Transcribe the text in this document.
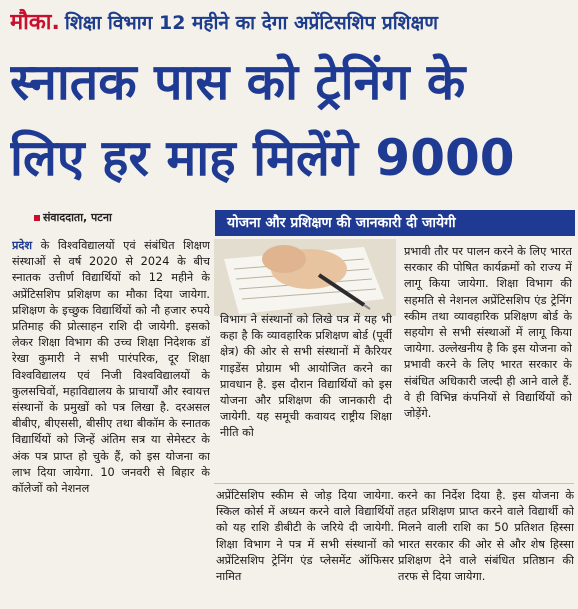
मौका. शिक्षा विभाग 12 महीने का देगा अप्रेंटिसशिप प्रशिक्षण
स्नातक पास को ट्रेनिंग के
लिए हर माह मिलेंगे 9000
संवाददाता, पटना	योजना और प्रशिक्षण की जानकारी दी जायेगी

प्रदेश के विश्वविद्यालयों एवं संबंधित शिक्षण संस्थाओं से वर्ष 2020 से 2024 के बीच स्नातक उत्तीर्ण विद्यार्थियों को 12 महीने के अप्रेंटिसशिप प्रशिक्षण का मौका दिया जायेगा. प्रशिक्षण के इच्छुक विद्यार्थियों को नौ हजार रुपये प्रतिमाह की प्रोत्साहन राशि दी जायेगी. इसको लेकर शिक्षा विभाग की उच्च शिक्षा निदेशक डॉ रेखा कुमारी ने सभी पारंपरिक, दूर शिक्षा विश्वविद्यालय एवं निजी विश्वविद्यालयों के कुलसचिवों, महाविद्यालय के प्राचार्यों और स्वायत्त संस्थानों के प्रमुखों को पत्र लिखा है. दरअसल बीबीए, बीएससी, बीसीए तथा बीकॉम के स्नातक विद्यार्थियों को जिन्हें अंतिम सत्र या सेमेस्टर के अंक पत्र प्राप्त हो चुके हैं, को इस योजना का लाभ दिया जायेगा. 10 जनवरी से बिहार के कॉलेजों को नेशनल

विभाग ने संस्थानों को लिखे पत्र में यह भी कहा है कि व्यावहारिक प्रशिक्षण बोर्ड (पूर्वी क्षेत्र) की ओर से सभी संस्थानों में कैरियर गाइडेंस प्रोग्राम भी आयोजित करने का प्रावधान है. इस दौरान विद्यार्थियों को इस योजना और प्रशिक्षण की जानकारी दी जायेगी. यह समूची कवायद राष्ट्रीय शिक्षा नीति को

प्रभावी तौर पर पालन करने के लिए भारत सरकार की पोषित कार्यक्रमों को राज्य में लागू किया जायेगा. शिक्षा विभाग की सहमति से नेशनल अप्रेंटिसशिप एंड ट्रेनिंग स्कीम तथा व्यावहारिक प्रशिक्षण बोर्ड के सहयोग से सभी संस्थाओं में लागू किया जायेगा. उल्लेखनीय है कि इस योजना को प्रभावी करने के लिए भारत सरकार के संबंधित अधिकारी जल्दी ही आने वाले हैं. वे ही विभिन्न कंपनियों से विद्यार्थियों को जोड़ेंगे.

अप्रेंटिसशिप स्कीम से जोड़ दिया जायेगा. स्किल कोर्स में अध्यन करने वाले विद्यार्थियों को यह राशि डीबीटी के जरिये दी जायेगी. शिक्षा विभाग ने पत्र में सभी संस्थानों को अप्रेंटिसशिप ट्रेनिंग एंड प्लेसमेंट ऑफिसर नामित

करने का निर्देश दिया है. इस योजना के तहत प्रशिक्षण प्राप्त करने वाले विद्यार्थी को मिलने वाली राशि का 50 प्रतिशत हिस्सा भारत सरकार की ओर से और शेष हिस्सा प्रशिक्षण देने वाले संबंधित प्रतिष्ठान की तरफ से दिया जायेगा.
